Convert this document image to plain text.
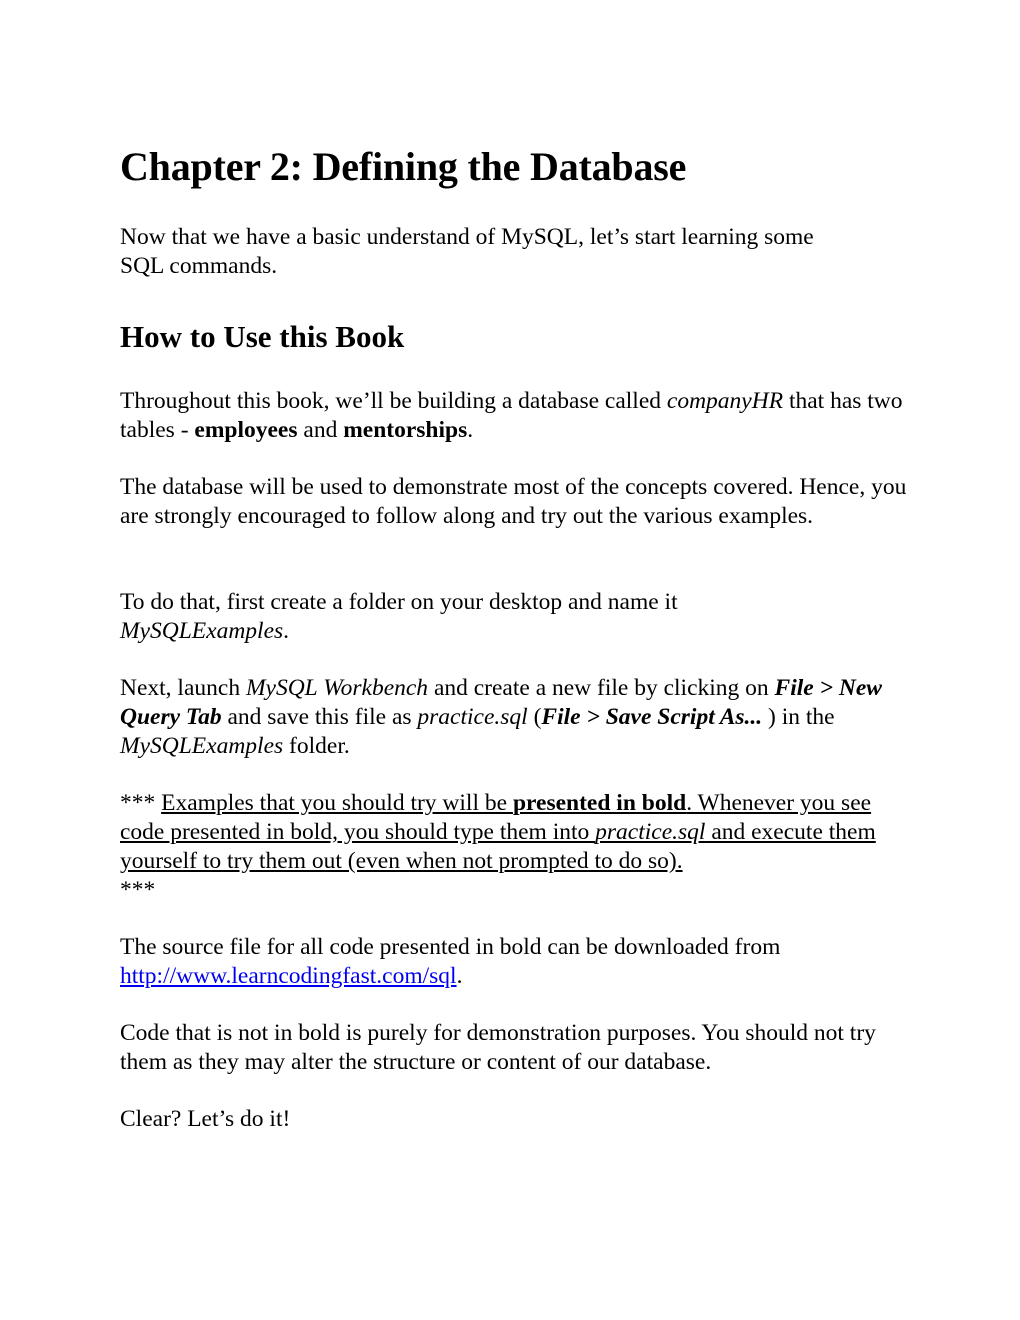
Chapter 2: Defining the Database
Now that we have a basic understand of MySQL, let’s start learning some
SQL commands.
How to Use this Book
Throughout this book, we’ll be building a database called companyHR that has two tables - employees and mentorships.
The database will be used to demonstrate most of the concepts covered. Hence, you are strongly encouraged to follow along and try out the various examples.
To do that, first create a folder on your desktop and name it MySQLExamples.
Next, launch MySQL Workbench and create a new file by clicking on File > New Query Tab and save this file as practice.sql (File > Save Script As... ) in the MySQLExamples folder.
*** Examples that you should try will be presented in bold. Whenever you see code presented in bold, you should type them into practice.sql and execute them yourself to try them out (even when not prompted to do so).
***
The source file for all code presented in bold can be downloaded from http://www.learncodingfast.com/sql.
Code that is not in bold is purely for demonstration purposes. You should not try them as they may alter the structure or content of our database.
Clear? Let’s do it!
